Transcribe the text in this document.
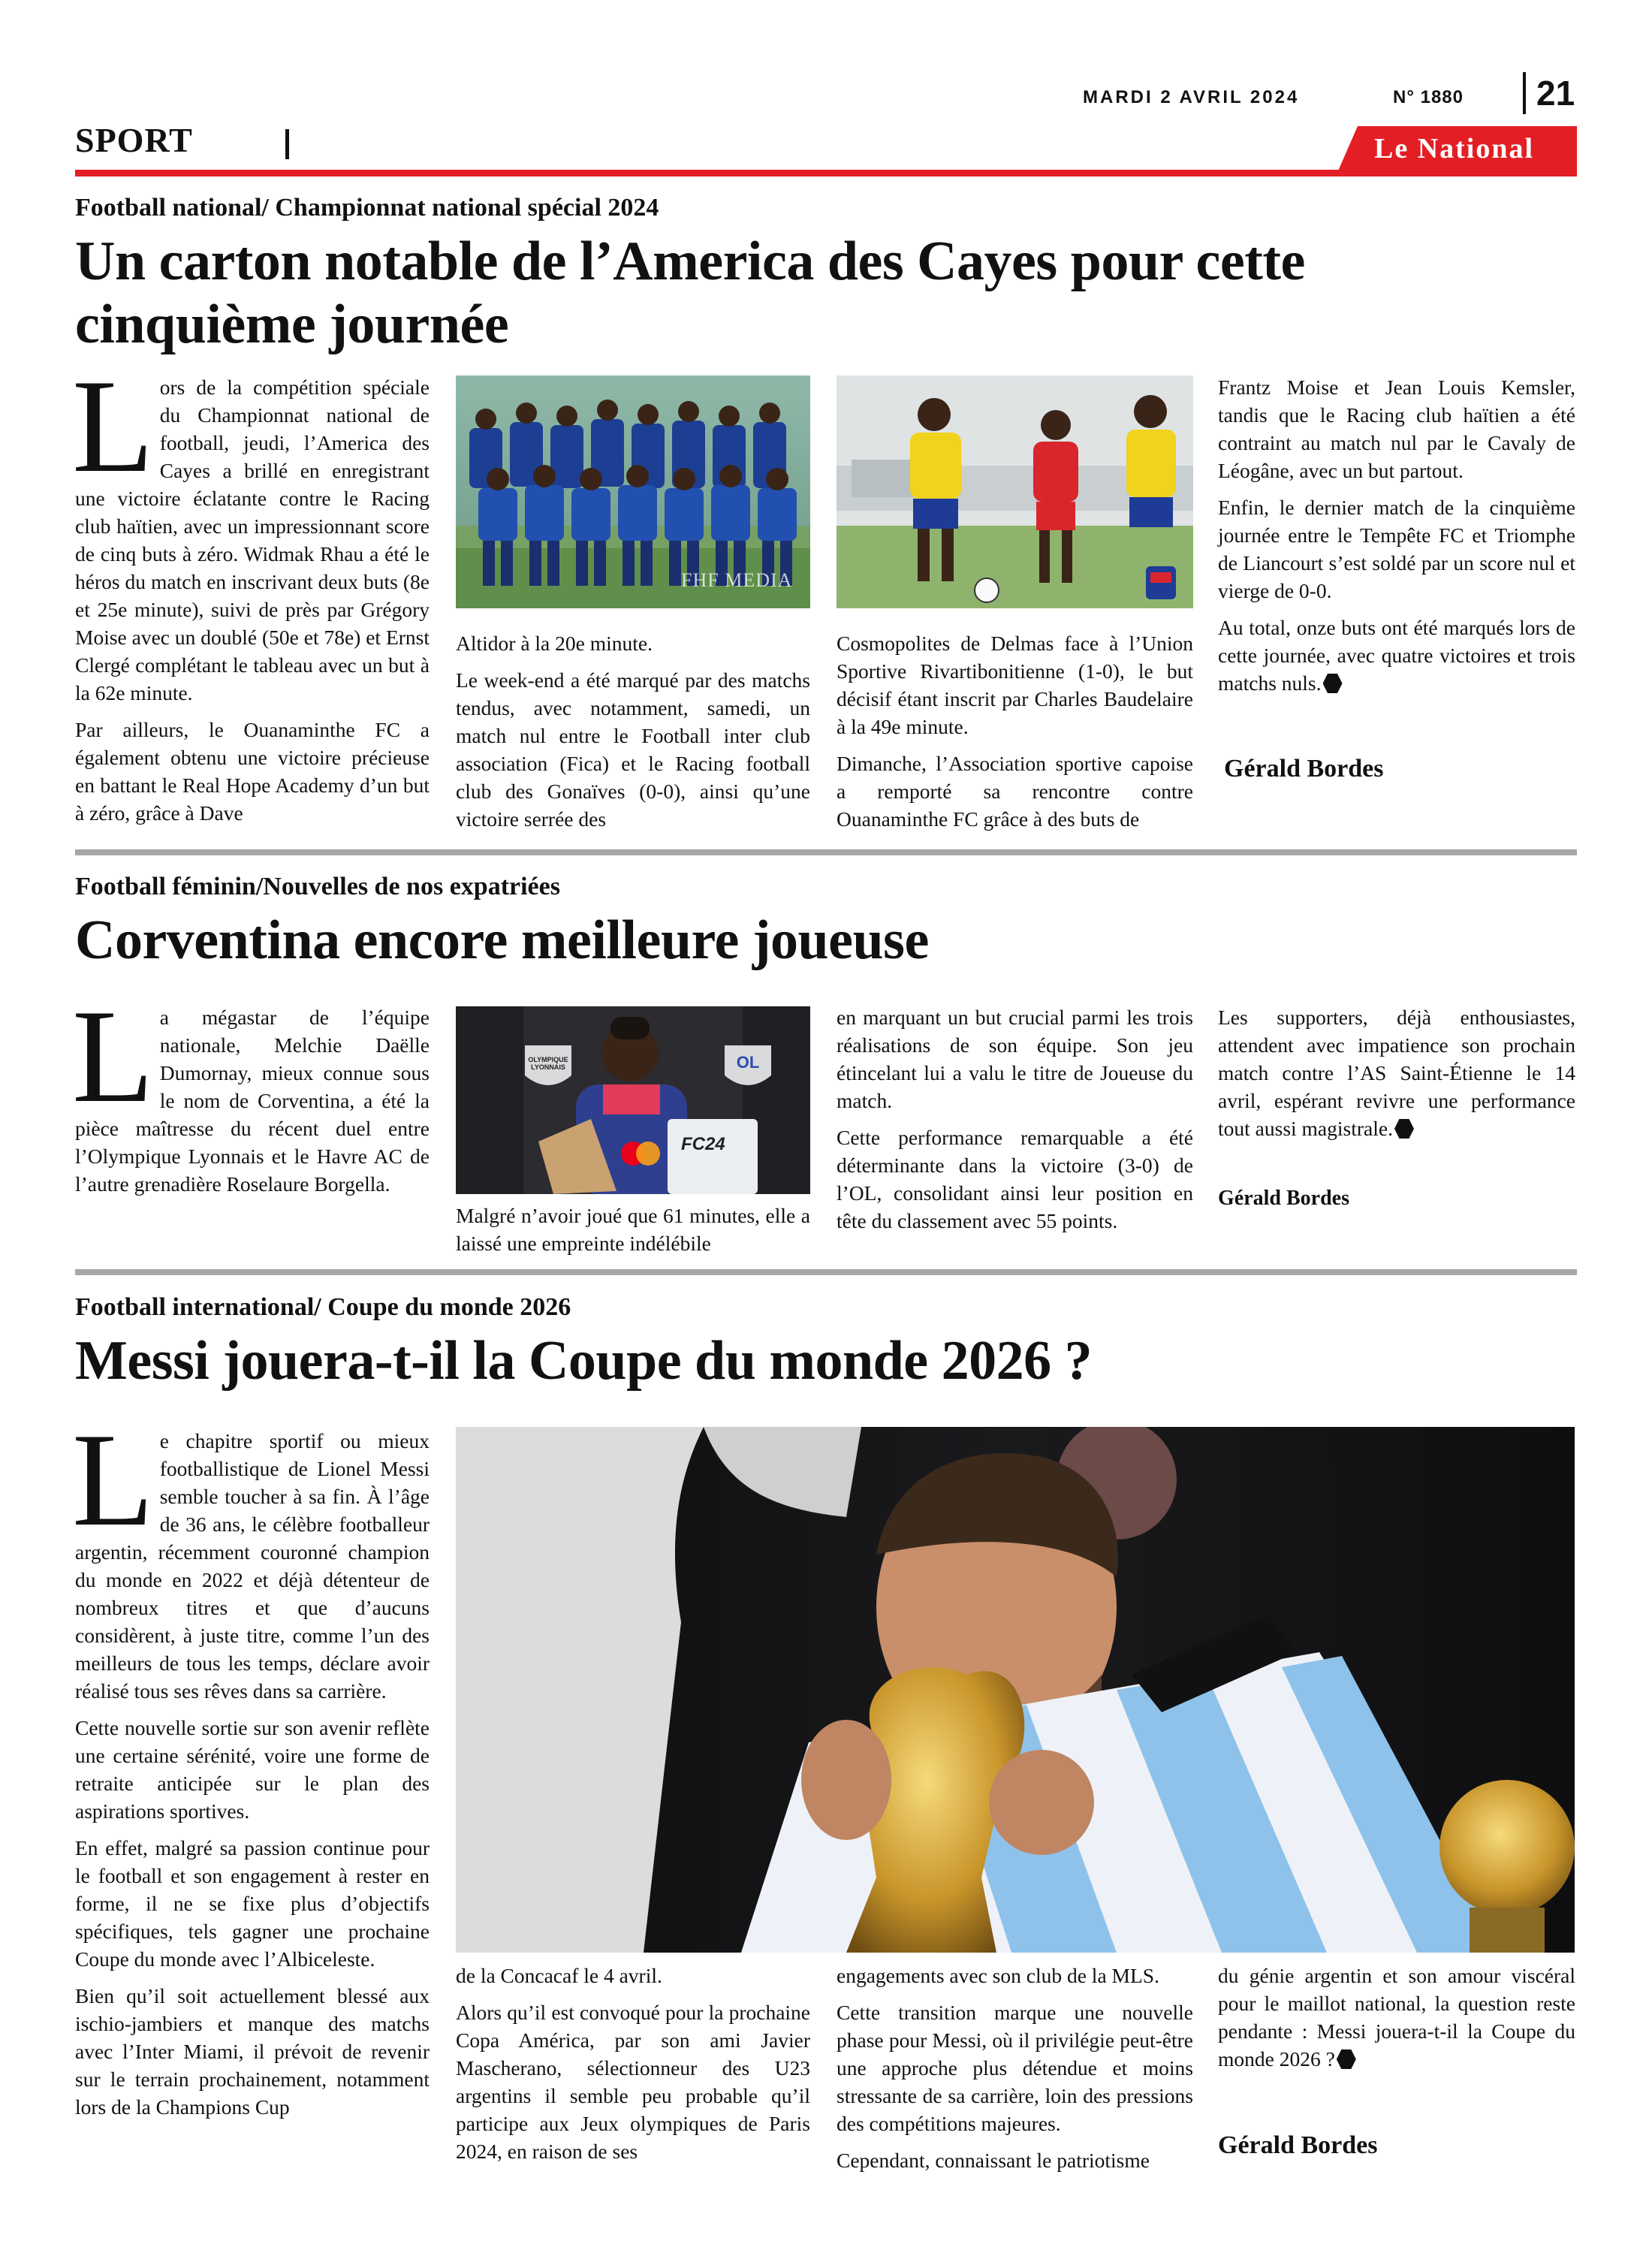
MARDI 2 AVRIL 2024	N° 1880	21
SPORT	Le National
Football national/ Championnat national spécial 2024
Un carton notable de l’America des Cayes pour cette
cinquième journée

Lors de la compétition spéciale du Championnat national de football, jeudi, l’America des Cayes a brillé en enregistrant une victoire éclatante contre le Racing club haïtien, avec un impressionnant score de cinq buts à zéro. Widmak Rhau a été le héros du match en inscrivant deux buts (8e et 25e minute), suivi de près par Grégory Moise avec un doublé (50e et 78e) et Ernst Clergé complétant le tableau avec un but à la 62e minute.

Par ailleurs, le Ouanaminthe FC a également obtenu une victoire précieuse en battant le Real Hope Academy d’un but à zéro, grâce à Dave

FHF MEDIA

Altidor à la 20e minute.

Le week-end a été marqué par des matchs tendus, avec notamment, samedi, un match nul entre le Football inter club association (Fica) et le Racing football club des Gonaïves (0-0), ainsi qu’une victoire serrée des

Cosmopolites de Delmas face à l’Union Sportive Rivartibonitienne (1-0), le but décisif étant inscrit par Charles Baudelaire à la 49e minute.

Dimanche, l’Association sportive capoise a remporté sa rencontre contre Ouanaminthe FC grâce à des buts de

Frantz Moise et Jean Louis Kemsler, tandis que le Racing club haïtien a été contraint au match nul par le Cavaly de Léogâne, avec un but partout.

Enfin, le dernier match de la cinquième journée entre le Tempête FC et Triomphe de Liancourt s’est soldé par un score nul et vierge de 0-0.

Au total, onze buts ont été marqués lors de cette journée, avec quatre victoires et trois matchs nuls.

Gérald Bordes
Football féminin/Nouvelles de nos expatriées
Corventina encore meilleure joueuse

La mégastar de l’équipe nationale, Melchie Daëlle Dumornay, mieux connue sous le nom de Corventina, a été la pièce maîtresse du récent duel entre l’Olympique Lyonnais et le Havre AC de l’autre grenadière Roselaure Borgella.

OLYMPIQUE LYONNAIS	OL
FC24

Malgré n’avoir joué que 61 minutes, elle a laissé une empreinte indélébile

en marquant un but crucial parmi les trois réalisations de son équipe. Son jeu étincelant lui a valu le titre de Joueuse du match.

Cette performance remarquable a été déterminante dans la victoire (3-0) de l’OL, consolidant ainsi leur position en tête du classement avec 55 points.

Les supporters, déjà enthousiastes, attendent avec impatience son prochain match contre l’AS Saint-Étienne le 14 avril, espérant revivre une performance tout aussi magistrale.

Gérald Bordes
Football international/ Coupe du monde 2026
Messi jouera-t-il la Coupe du monde 2026 ?

Le chapitre sportif ou mieux footballistique de Lionel Messi semble toucher à sa fin. À l’âge de 36 ans, le célèbre footballeur argentin, récemment couronné champion du monde en 2022 et déjà détenteur de nombreux titres et que d’aucuns considèrent, à juste titre, comme l’un des meilleurs de tous les temps, déclare avoir réalisé tous ses rêves dans sa carrière.

Cette nouvelle sortie sur son avenir reflète une certaine sérénité, voire une forme de retraite anticipée sur le plan des aspirations sportives.

En effet, malgré sa passion continue pour le football et son engagement à rester en forme, il ne se fixe plus d’objectifs spécifiques, tels gagner une prochaine Coupe du monde avec l’Albiceleste.

Bien qu’il soit actuellement blessé aux ischio-jambiers et manque des matchs avec l’Inter Miami, il prévoit de revenir sur le terrain prochainement, notamment lors de la Champions Cup

de la Concacaf le 4 avril.

Alors qu’il est convoqué pour la prochaine Copa América, par son ami Javier Mascherano, sélectionneur des U23 argentins il semble peu probable qu’il participe aux Jeux olympiques de Paris 2024, en raison de ses

engagements avec son club de la MLS.

Cette transition marque une nouvelle phase pour Messi, où il privilégie peut-être une approche plus détendue et moins stressante de sa carrière, loin des pressions des compétitions majeures.

Cependant, connaissant le patriotisme

du génie argentin et son amour viscéral pour le maillot national, la question reste pendante : Messi jouera-t-il la Coupe du monde 2026 ?

Gérald Bordes
